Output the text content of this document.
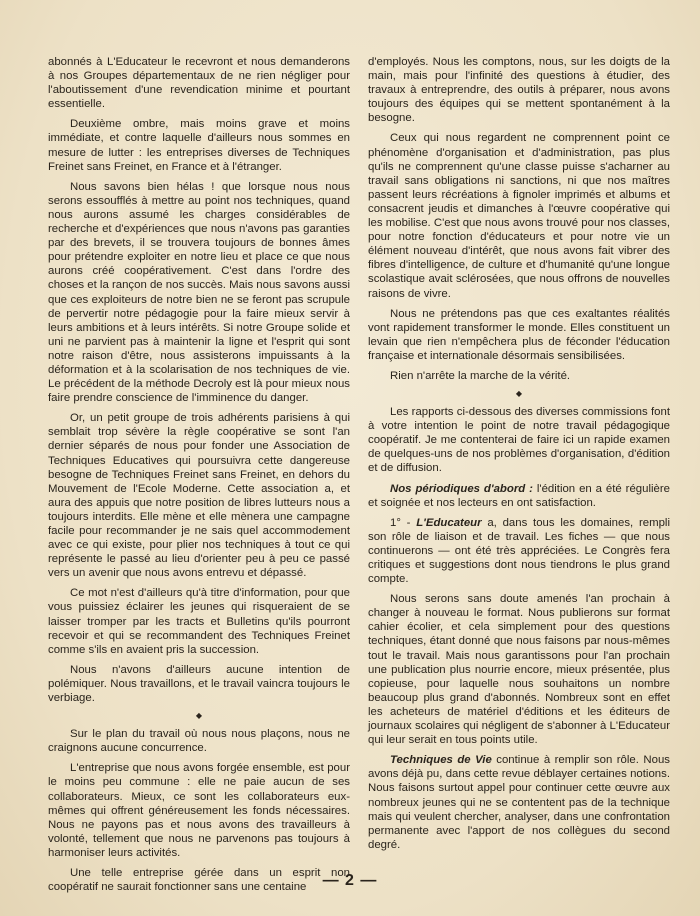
abonnés à L'Educateur le recevront et nous demanderons à nos Groupes départementaux de ne rien négliger pour l'aboutissement d'une revendication minime et pourtant essentielle.

Deuxième ombre, mais moins grave et moins immédiate, et contre laquelle d'ailleurs nous sommes en mesure de lutter : les entreprises diverses de Techniques Freinet sans Freinet, en France et à l'étranger.

Nous savons bien hélas ! que lorsque nous nous serons essoufflés à mettre au point nos techniques, quand nous aurons assumé les charges considérables de recherche et d'expériences que nous n'avons pas garanties par des brevets, il se trouvera toujours de bonnes âmes pour prétendre exploiter en notre lieu et place ce que nous aurons créé coopérativement. C'est dans l'ordre des choses et la rançon de nos succès. Mais nous savons aussi que ces exploiteurs de notre bien ne se feront pas scrupule de pervertir notre pédagogie pour la faire mieux servir à leurs ambitions et à leurs intérêts. Si notre Groupe solide et uni ne parvient pas à maintenir la ligne et l'esprit qui sont notre raison d'être, nous assisterons impuissants à la déformation et à la scolarisation de nos techniques de vie. Le précédent de la méthode Decroly est là pour mieux nous faire prendre conscience de l'imminence du danger.

Or, un petit groupe de trois adhérents parisiens à qui semblait trop sévère la règle coopérative se sont l'an dernier séparés de nous pour fonder une Association de Techniques Educatives qui poursuivra cette dangereuse besogne de Techniques Freinet sans Freinet, en dehors du Mouvement de l'Ecole Moderne. Cette association a, et aura des appuis que notre position de libres lutteurs nous a toujours interdits. Elle mène et elle mènera une campagne facile pour recommander je ne sais quel accommodement avec ce qui existe, pour plier nos techniques à tout ce qui représente le passé au lieu d'orienter peu à peu ce passé vers un avenir que nous avons entrevu et dépassé.

Ce mot n'est d'ailleurs qu'à titre d'information, pour que vous puissiez éclairer les jeunes qui risqueraient de se laisser tromper par les tracts et Bulletins qu'ils pourront recevoir et qui se recommandent des Techniques Freinet comme s'ils en avaient pris la succession.

Nous n'avons d'ailleurs aucune intention de polémiquer. Nous travaillons, et le travail vaincra toujours le verbiage.

◆

Sur le plan du travail où nous nous plaçons, nous ne craignons aucune concurrence.

L'entreprise que nous avons forgée ensemble, est pour le moins peu commune : elle ne paie aucun de ses collaborateurs. Mieux, ce sont les collaborateurs eux-mêmes qui offrent généreusement les fonds nécessaires. Nous ne payons pas et nous avons des travailleurs à volonté, tellement que nous ne parvenons pas toujours à harmoniser leurs activités.

Une telle entreprise gérée dans un esprit non coopératif ne saurait fonctionner sans une centaine

d'employés. Nous les comptons, nous, sur les doigts de la main, mais pour l'infinité des questions à étudier, des travaux à entreprendre, des outils à préparer, nous avons toujours des équipes qui se mettent spontanément à la besogne.

Ceux qui nous regardent ne comprennent point ce phénomène d'organisation et d'administration, pas plus qu'ils ne comprennent qu'une classe puisse s'acharner au travail sans obligations ni sanctions, ni que nos maîtres passent leurs récréations à fignoler imprimés et albums et consacrent jeudis et dimanches à l'œuvre coopérative qui les mobilise. C'est que nous avons trouvé pour nos classes, pour notre fonction d'éducateurs et pour notre vie un élément nouveau d'intérêt, que nous avons fait vibrer des fibres d'intelligence, de culture et d'humanité qu'une longue scolastique avait sclérosées, que nous offrons de nouvelles raisons de vivre.

Nous ne prétendons pas que ces exaltantes réalités vont rapidement transformer le monde. Elles constituent un levain que rien n'empêchera plus de féconder l'éducation française et internationale désormais sensibilisées.

Rien n'arrête la marche de la vérité.

◆

Les rapports ci-dessous des diverses commissions font à votre intention le point de notre travail pédagogique coopératif. Je me contenterai de faire ici un rapide examen de quelques-uns de nos problèmes d'organisation, d'édition et de diffusion.

Nos périodiques d'abord : l'édition en a été régulière et soignée et nos lecteurs en ont satisfaction.

1° - L'Educateur a, dans tous les domaines, rempli son rôle de liaison et de travail. Les fiches — que nous continuerons — ont été très appréciées. Le Congrès fera critiques et suggestions dont nous tiendrons le plus grand compte.

Nous serons sans doute amenés l'an prochain à changer à nouveau le format. Nous publierons sur format cahier écolier, et cela simplement pour des questions techniques, étant donné que nous faisons par nous-mêmes tout le travail. Mais nous garantissons pour l'an prochain une publication plus nourrie encore, mieux présentée, plus copieuse, pour laquelle nous souhaitons un nombre beaucoup plus grand d'abonnés. Nombreux sont en effet les acheteurs de matériel d'éditions et les éditeurs de journaux scolaires qui négligent de s'abonner à L'Educateur qui leur serait en tous points utile.

Techniques de Vie continue à remplir son rôle. Nous avons déjà pu, dans cette revue déblayer certaines notions. Nous faisons surtout appel pour continuer cette œuvre aux nombreux jeunes qui ne se contentent pas de la technique mais qui veulent chercher, analyser, dans une confrontation permanente avec l'apport de nos collègues du second degré.

— 2 —
